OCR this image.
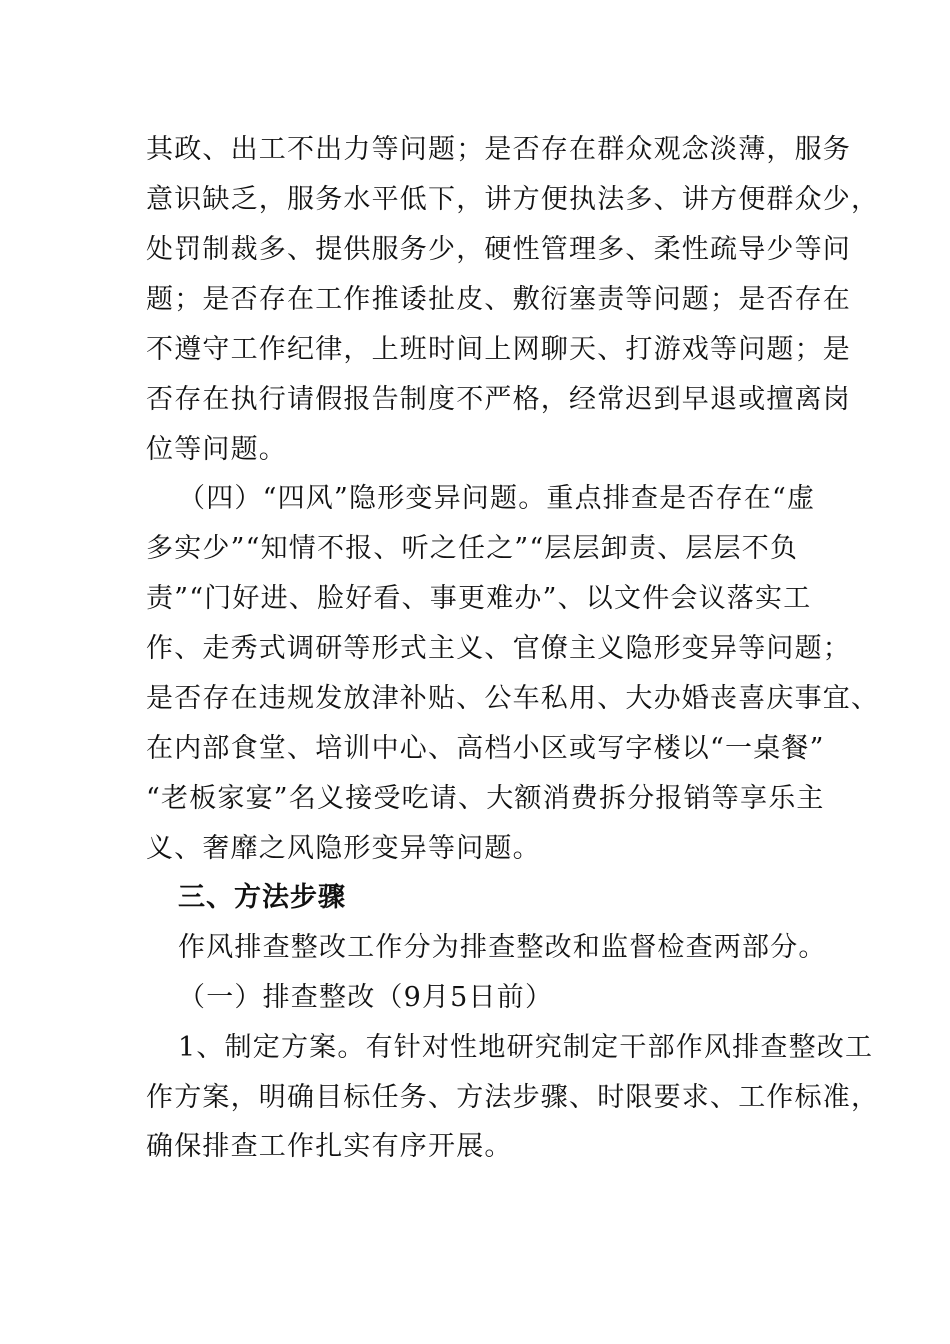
其政、出工不出力等问题；是否存在群众观念淡薄，服务
意识缺乏，服务水平低下，讲方便执法多、讲方便群众少，
处罚制裁多、提供服务少，硬性管理多、柔性疏导少等问
题；是否存在工作推诿扯皮、敷衍塞责等问题；是否存在
不遵守工作纪律，上班时间上网聊天、打游戏等问题；是
否存在执行请假报告制度不严格，经常迟到早退或擅离岗
位等问题。
（四）“四风”隐形变异问题。重点排查是否存在“虚
多实少”“知情不报、听之任之”“层层卸责、层层不负
责”“门好进、脸好看、事更难办”、以文件会议落实工
作、走秀式调研等形式主义、官僚主义隐形变异等问题；
是否存在违规发放津补贴、公车私用、大办婚丧喜庆事宜、
在内部食堂、培训中心、高档小区或写字楼以“一桌餐”
“老板家宴”名义接受吃请、大额消费拆分报销等享乐主
义、奢靡之风隐形变异等问题。
三、方法步骤
作风排查整改工作分为排查整改和监督检查两部分。
（一）排查整改（9月5日前）
1、制定方案。有针对性地研究制定干部作风排查整改工
作方案，明确目标任务、方法步骤、时限要求、工作标准，
确保排查工作扎实有序开展。
